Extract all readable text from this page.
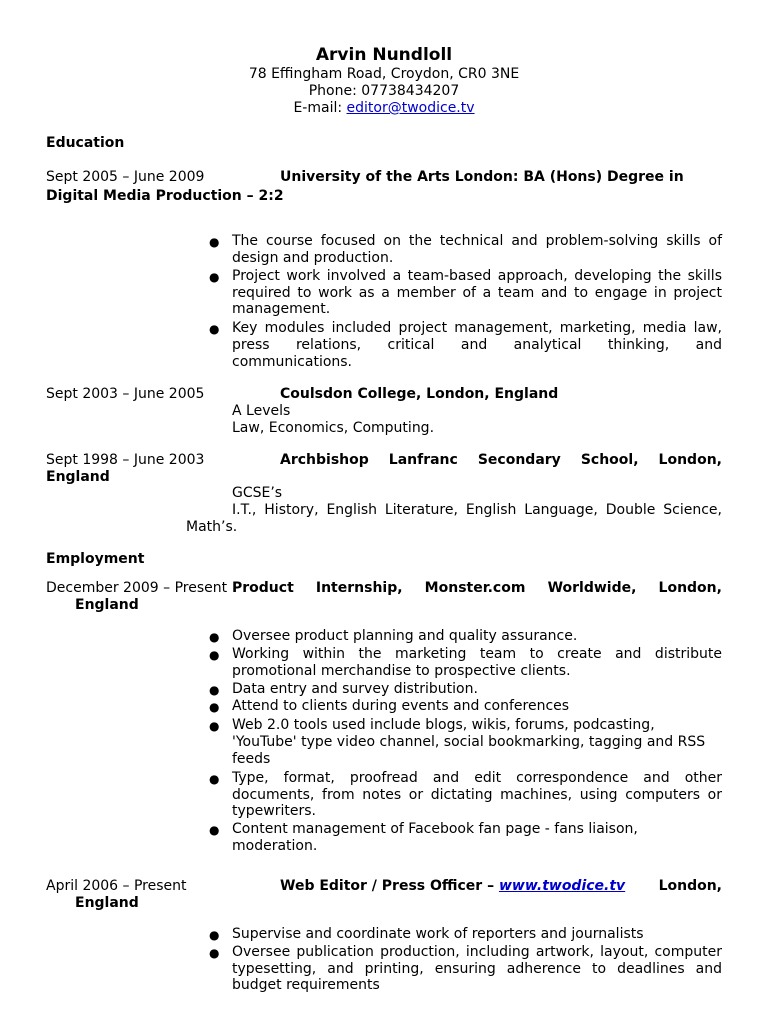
Arvin Nundloll
78 Effingham Road, Croydon, CR0 3NE
Phone: 07738434207
E-mail: editor@twodice.tv
Education
Sept 2005 – June 2009	University of the Arts London: BA (Hons) Degree in
Digital Media Production – 2:2
● The course focused on the technical and problem-solving skills of
design and production.
● Project work involved a team-based approach, developing the skills
required to work as a member of a team and to engage in project
management.
● Key modules included project management, marketing, media law,
press relations, critical and analytical thinking, and
communications.
Sept 2003 – June 2005	Coulsdon College, London, England
A Levels
Law, Economics, Computing.
Sept 1998 – June 2003	Archbishop Lanfranc Secondary School, London,
England
GCSE’s
I.T., History, English Literature, English Language, Double Science,
Math’s.
Employment
December 2009 – Present Product Internship, Monster.com Worldwide, London,
England
● Oversee product planning and quality assurance.
● Working within the marketing team to create and distribute
promotional merchandise to prospective clients.
● Data entry and survey distribution.
● Attend to clients during events and conferences
● Web 2.0 tools used include blogs, wikis, forums, podcasting,
'YouTube' type video channel, social bookmarking, tagging and RSS
feeds
● Type, format, proofread and edit correspondence and other
documents, from notes or dictating machines, using computers or
typewriters.
● Content management of Facebook fan page - fans liaison,
moderation.
April 2006 – Present	Web Editor / Press Officer – www.twodice.tv London,
England
● Supervise and coordinate work of reporters and journalists
● Oversee publication production, including artwork, layout, computer
typesetting, and printing, ensuring adherence to deadlines and
budget requirements
